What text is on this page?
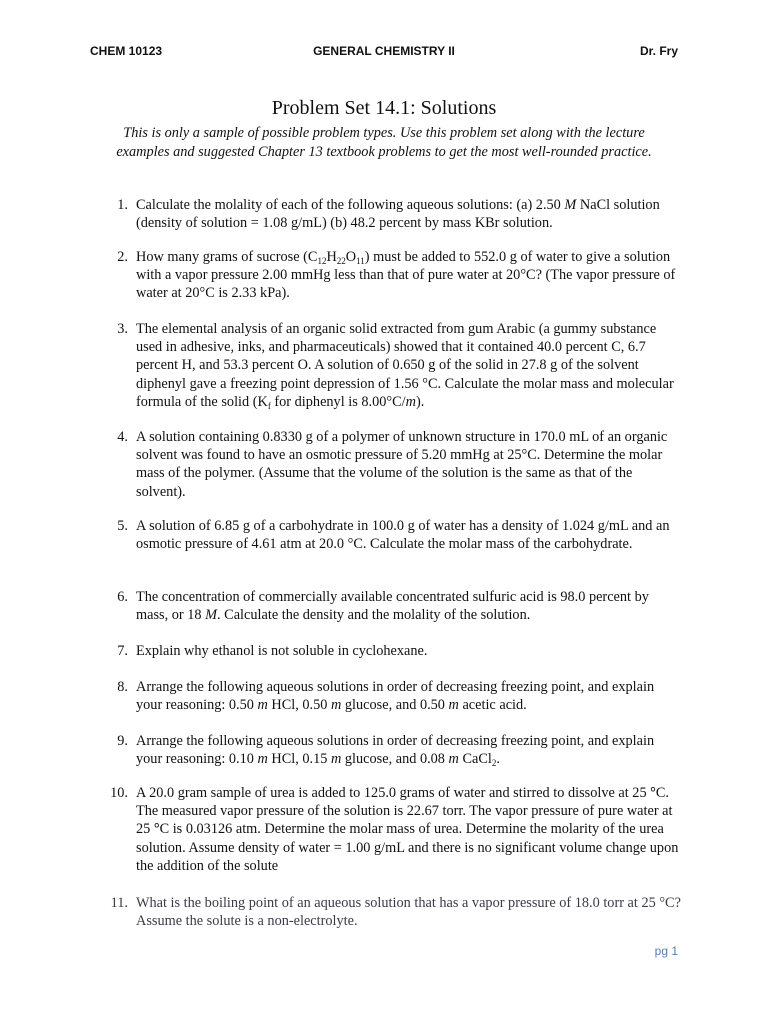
CHEM 10123	GENERAL CHEMISTRY II	Dr. Fry
Problem Set 14.1: Solutions
This is only a sample of possible problem types. Use this problem set along with the lecture examples and suggested Chapter 13 textbook problems to get the most well-rounded practice.
1. Calculate the molality of each of the following aqueous solutions: (a) 2.50 M NaCl solution (density of solution = 1.08 g/mL) (b) 48.2 percent by mass KBr solution.
2. How many grams of sucrose $(C_{12}H_{22}O_{11})$ must be added to 552.0 g of water to give a solution with a vapor pressure 2.00 mmHg less than that of pure water at 20°C? (The vapor pressure of water at 20°C is 2.33 kPa).
3. The elemental analysis of an organic solid extracted from gum Arabic (a gummy substance used in adhesive, inks, and pharmaceuticals) showed that it contained 40.0 percent C, 6.7 percent H, and 53.3 percent O. A solution of 0.650 g of the solid in 27.8 g of the solvent diphenyl gave a freezing point depression of 1.56 °C. Calculate the molar mass and molecular formula of the solid ($K_f$ for diphenyl is 8.00°C/m).
4. A solution containing 0.8330 g of a polymer of unknown structure in 170.0 mL of an organic solvent was found to have an osmotic pressure of 5.20 mmHg at 25°C. Determine the molar mass of the polymer. (Assume that the volume of the solution is the same as that of the solvent).
5. A solution of 6.85 g of a carbohydrate in 100.0 g of water has a density of 1.024 g/mL and an osmotic pressure of 4.61 atm at 20.0 °C. Calculate the molar mass of the carbohydrate.
6. The concentration of commercially available concentrated sulfuric acid is 98.0 percent by mass, or 18 M. Calculate the density and the molality of the solution.
7. Explain why ethanol is not soluble in cyclohexane.
8. Arrange the following aqueous solutions in order of decreasing freezing point, and explain your reasoning: 0.50 m HCl, 0.50 m glucose, and 0.50 m acetic acid.
9. Arrange the following aqueous solutions in order of decreasing freezing point, and explain your reasoning: 0.10 m HCl, 0.15 m glucose, and 0.08 m CaCl$_2$.
10. A 20.0 gram sample of urea is added to 125.0 grams of water and stirred to dissolve at 25 °C. The measured vapor pressure of the solution is 22.67 torr. The vapor pressure of pure water at 25 °C is 0.03126 atm. Determine the molar mass of urea. Determine the molarity of the urea solution. Assume density of water = 1.00 g/mL and there is no significant volume change upon the addition of the solute
11. What is the boiling point of an aqueous solution that has a vapor pressure of 18.0 torr at 25 °C? Assume the solute is a non-electrolyte.
pg 1
